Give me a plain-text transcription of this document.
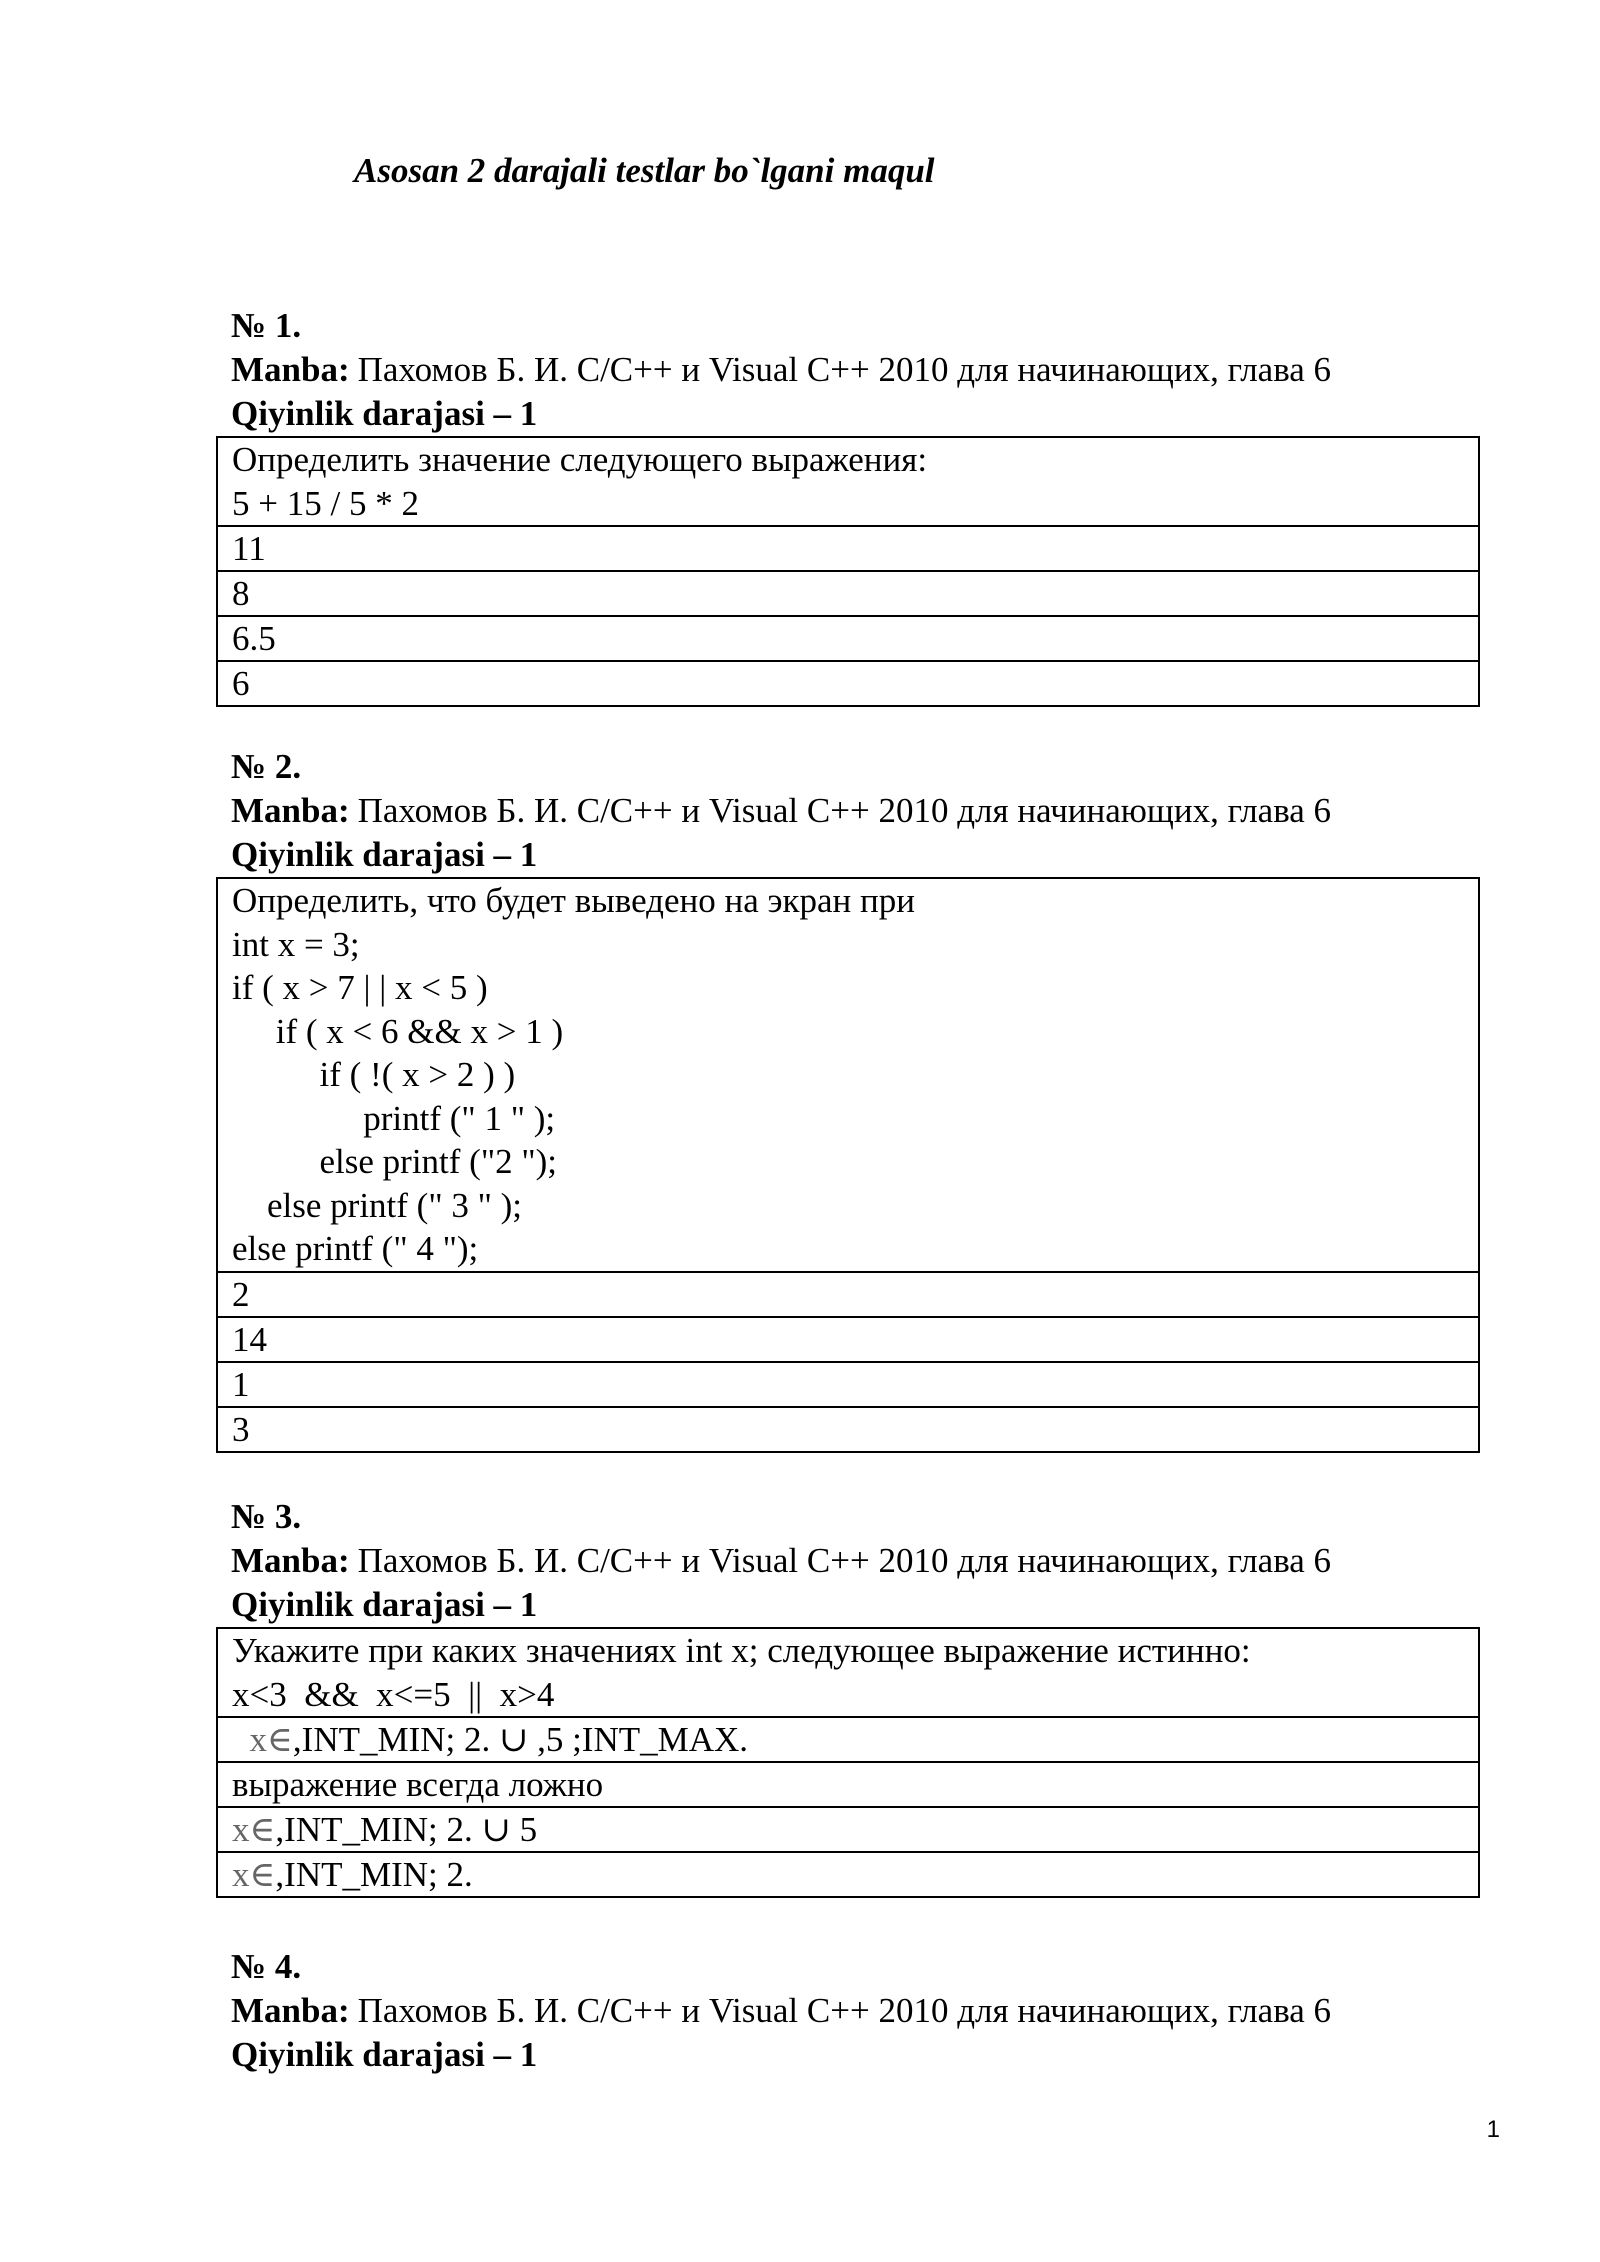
Asosan 2 darajali testlar bo`lgani maqul
№ 1.
Manba: Пахомов Б. И. С/С++ и Visual С++ 2010 для начинающих, глава 6
Qiyinlik darajasi – 1
Определить значение следующего выражения:
5 + 15 / 5 * 2

11
8
6.5
6
№ 2.
Manba: Пахомов Б. И. С/С++ и Visual С++ 2010 для начинающих, глава 6
Qiyinlik darajasi – 1
Определить, что будет выведено на экран при
int x = 3;
if ( x > 7 | | x < 5 )
if ( x < 6 && x > 1 )
if ( !( x > 2 ) )
printf (" 1 " );
else printf ("2 ");
else printf (" 3 " );
else printf (" 4 ");

2
14
1
3
№ 3.
Manba: Пахомов Б. И. С/С++ и Visual С++ 2010 для начинающих, глава 6
Qiyinlik darajasi – 1
Укажите при каких значениях int x; следующее выражение истинно:
x<3  &&  x<=5  ||  x>4

x∈,INT_MIN; 2. ∪ ,5 ;INT_MAX.
выражение всегда ложно
x∈,INT_MIN; 2. ∪ 5
x∈,INT_MIN; 2.
№ 4.
Manba: Пахомов Б. И. С/С++ и Visual С++ 2010 для начинающих, глава 6
Qiyinlik darajasi – 1
1
